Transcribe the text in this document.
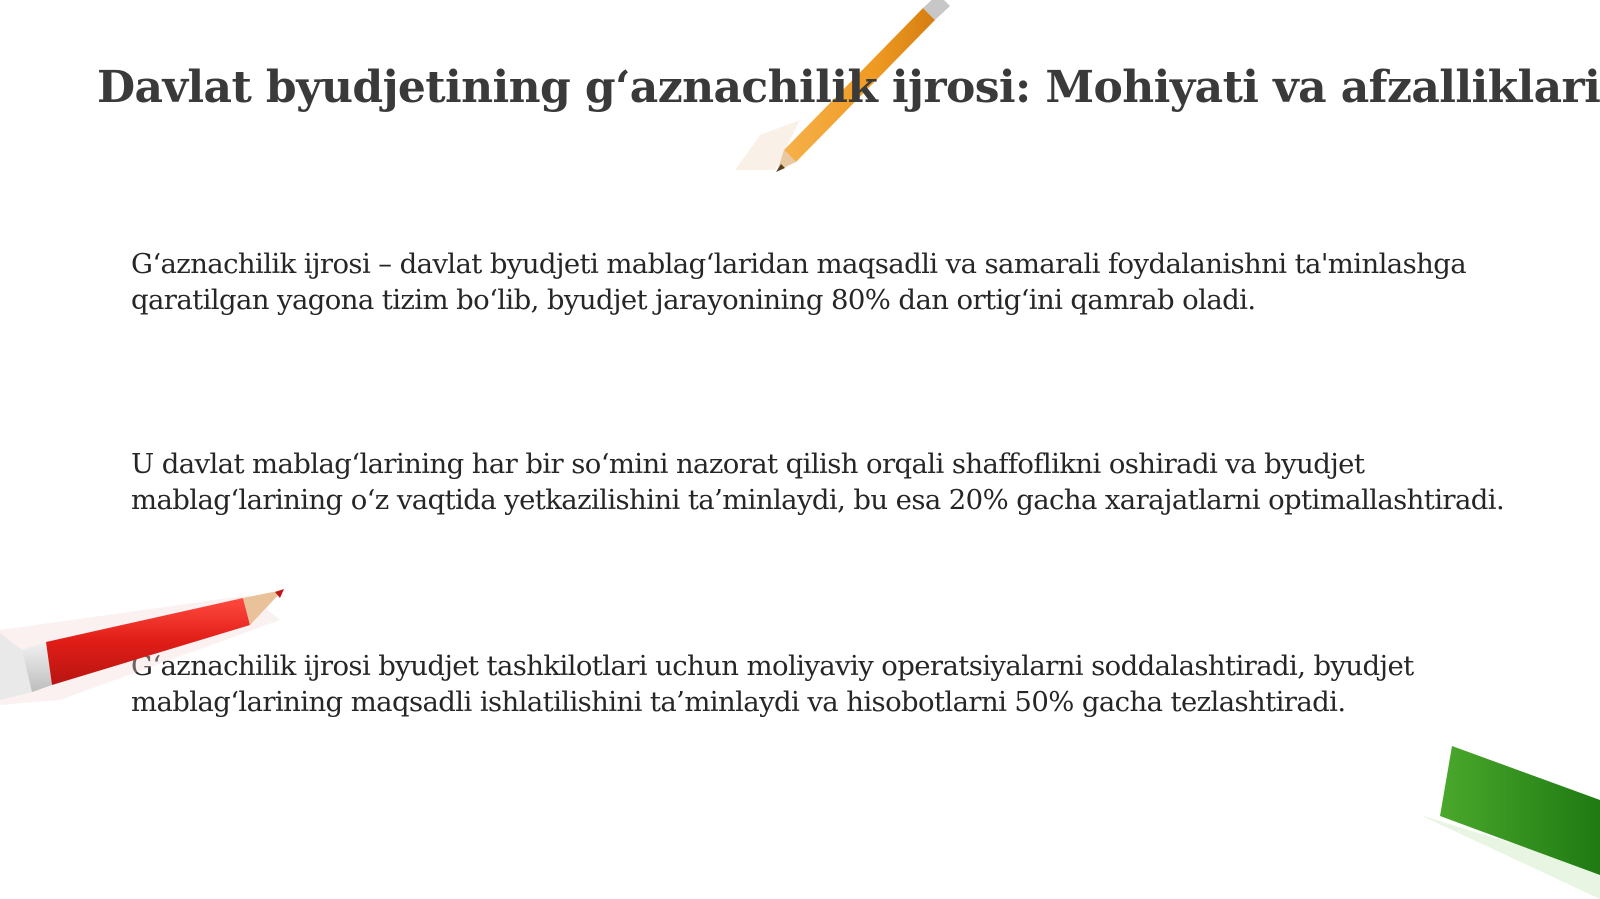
Davlat byudjetining g‘aznachilik ijrosi: Mohiyati va afzalliklari

G‘aznachilik ijrosi – davlat byudjeti mablag‘laridan maqsadli va samarali foydalanishni ta'minlashga qaratilgan yagona tizim bo‘lib, byudjet jarayonining 80% dan ortig‘ini qamrab oladi.

U davlat mablag‘larining har bir so‘mini nazorat qilish orqali shaffoflikni oshiradi va byudjet mablag‘larining o‘z vaqtida yetkazilishini ta’minlaydi, bu esa 20% gacha xarajatlarni optimallashtiradi.

G‘aznachilik ijrosi byudjet tashkilotlari uchun moliyaviy operatsiyalarni soddalashtiradi, byudjet mablag‘larining maqsadli ishlatilishini ta’minlaydi va hisobotlarni 50% gacha tezlashtiradi.
